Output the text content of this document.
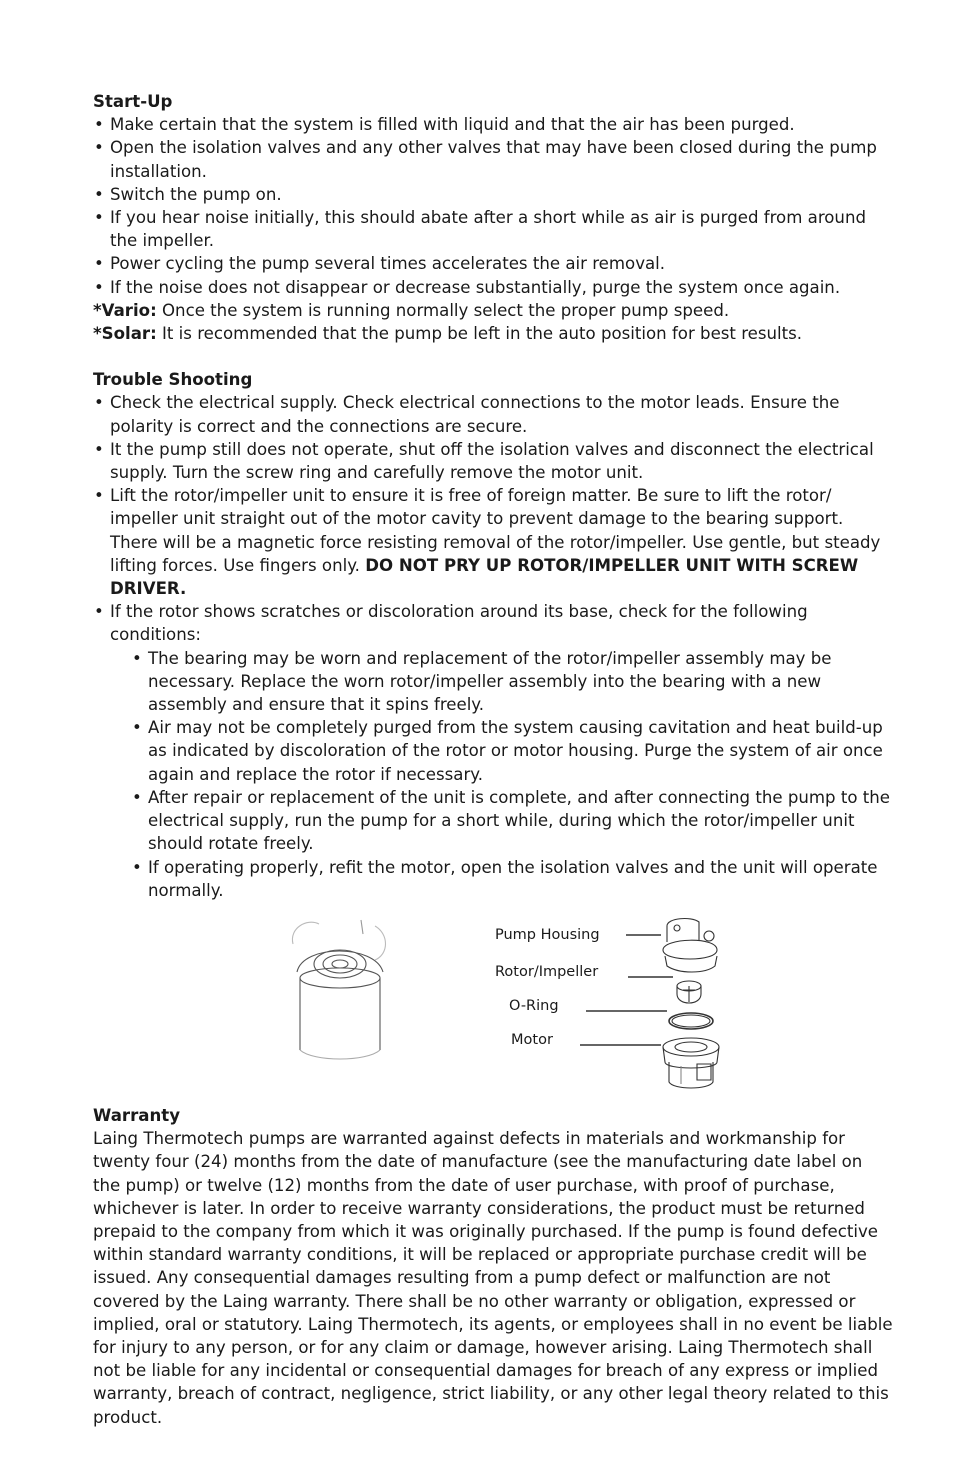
Start-Up

• Make certain that the system is filled with liquid and that the air has been purged.

• Open the isolation valves and any other valves that may have been closed during the pump installation.

• Switch the pump on.

• If you hear noise initially, this should abate after a short while as air is purged from around the impeller.

• Power cycling the pump several times accelerates the air removal.

• If the noise does not disappear or decrease substantially, purge the system once again.

*Vario: Once the system is running normally select the proper pump speed.

*Solar: It is recommended that the pump be left in the auto position for best results.

Trouble Shooting

• Check the electrical supply. Check electrical connections to the motor leads. Ensure the polarity is correct and the connections are secure.

• It the pump still does not operate, shut off the isolation valves and disconnect the electrical supply. Turn the screw ring and carefully remove the motor unit.

• Lift the rotor/impeller unit to ensure it is free of foreign matter. Be sure to lift the rotor/ impeller unit straight out of the motor cavity to prevent damage to the bearing support. There will be a magnetic force resisting removal of the rotor/impeller. Use gentle, but steady lifting forces. Use fingers only. DO NOT PRY UP ROTOR/IMPELLER UNIT WITH SCREW DRIVER.

• If the rotor shows scratches or discoloration around its base, check for the following conditions:

• The bearing may be worn and replacement of the rotor/impeller assembly may be necessary. Replace the worn rotor/impeller assembly into the bearing with a new assembly and ensure that it spins freely.

• Air may not be completely purged from the system causing cavitation and heat build-up as indicated by discoloration of the rotor or motor housing. Purge the system of air once again and replace the rotor if necessary.

• After repair or replacement of the unit is complete, and after connecting the pump to the electrical supply, run the pump for a short while, during which the rotor/impeller unit should rotate freely.

• If operating properly, refit the motor, open the isolation valves and the unit will operate normally.

Pump Housing
Rotor/Impeller
O-Ring
Motor
Warranty

Laing Thermotech pumps are warranted against defects in materials and workmanship for twenty four (24) months from the date of manufacture (see the manufacturing date label on the pump) or twelve (12) months from the date of user purchase, with proof of purchase, whichever is later. In order to receive warranty considerations, the product must be returned prepaid to the company from which it was originally purchased. If the pump is found defective within standard warranty conditions, it will be replaced or appropriate purchase credit will be issued. Any consequential damages resulting from a pump defect or malfunction are not covered by the Laing warranty. There shall be no other warranty or obligation, expressed or implied, oral or statutory. Laing Thermotech, its agents, or employees shall in no event be liable for injury to any person, or for any claim or damage, however arising. Laing Thermotech shall not be liable for any incidental or consequential damages for breach of any express or implied warranty, breach of contract, negligence, strict liability, or any other legal theory related to this product.
